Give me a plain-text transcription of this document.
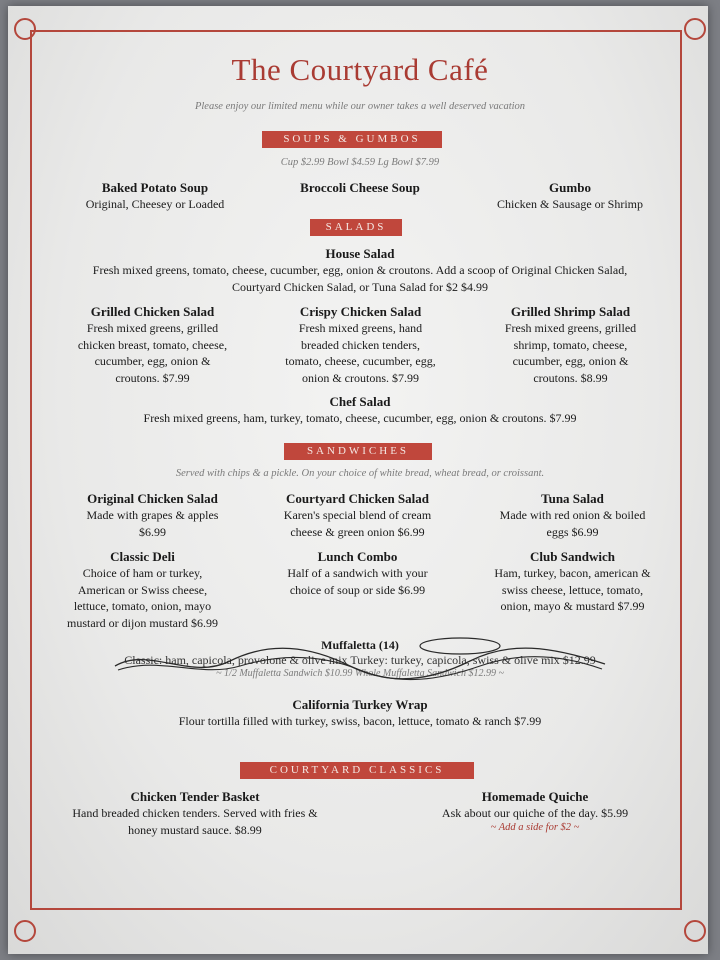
The Courtyard Café
Please enjoy our limited menu while our owner takes a well deserved vacation
SOUPS & GUMBOS
Cup $2.99 Bowl $4.59 Lg Bowl $7.99
Baked Potato Soup
Original, Cheesey or Loaded
Broccoli Cheese Soup	Gumbo
Chicken & Sausage or Shrimp
SALADS
House Salad
Fresh mixed greens, tomato, cheese, cucumber, egg, onion & croutons. Add a scoop of Original Chicken Salad,
Courtyard Chicken Salad, or Tuna Salad for $2 $4.99
Grilled Chicken Salad
Fresh mixed greens, grilled
chicken breast, tomato, cheese,
cucumber, egg, onion &
croutons. $7.99
Crispy Chicken Salad
Fresh mixed greens, hand
breaded chicken tenders,
tomato, cheese, cucumber, egg,
onion & croutons. $7.99
Grilled Shrimp Salad
Fresh mixed greens, grilled
shrimp, tomato, cheese,
cucumber, egg, onion &
croutons. $8.99
Chef Salad
Fresh mixed greens, ham, turkey, tomato, cheese, cucumber, egg, onion & croutons. $7.99
SANDWICHES
Served with chips & a pickle. On your choice of white bread, wheat bread, or croissant.
Original Chicken Salad
Made with grapes & apples
$6.99
Courtyard Chicken Salad
Karen's special blend of cream
cheese & green onion $6.99
Tuna Salad
Made with red onion & boiled
eggs $6.99
Classic Deli
Choice of ham or turkey,
American or Swiss cheese,
lettuce, tomato, onion, mayo
mustard or dijon mustard $6.99
Lunch Combo
Half of a sandwich with your
choice of soup or side $6.99
Club Sandwich
Ham, turkey, bacon, american &
swiss cheese, lettuce, tomato,
onion, mayo & mustard $7.99
Muffaletta (14)
Classic: ham, capicola, provolone & olive mix Turkey: turkey, capicola, swiss & olive mix $12.99
~ 1/2 Muffaletta Sandwich $10.99 Whole Muffaletta Sandwich $12.99 ~
California Turkey Wrap
Flour tortilla filled with turkey, swiss, bacon, lettuce, tomato & ranch $7.99
COURTYARD CLASSICS
Chicken Tender Basket
Hand breaded chicken tenders. Served with fries &
honey mustard sauce. $8.99
Homemade Quiche
Ask about our quiche of the day. $5.99
~ Add a side for $2 ~
